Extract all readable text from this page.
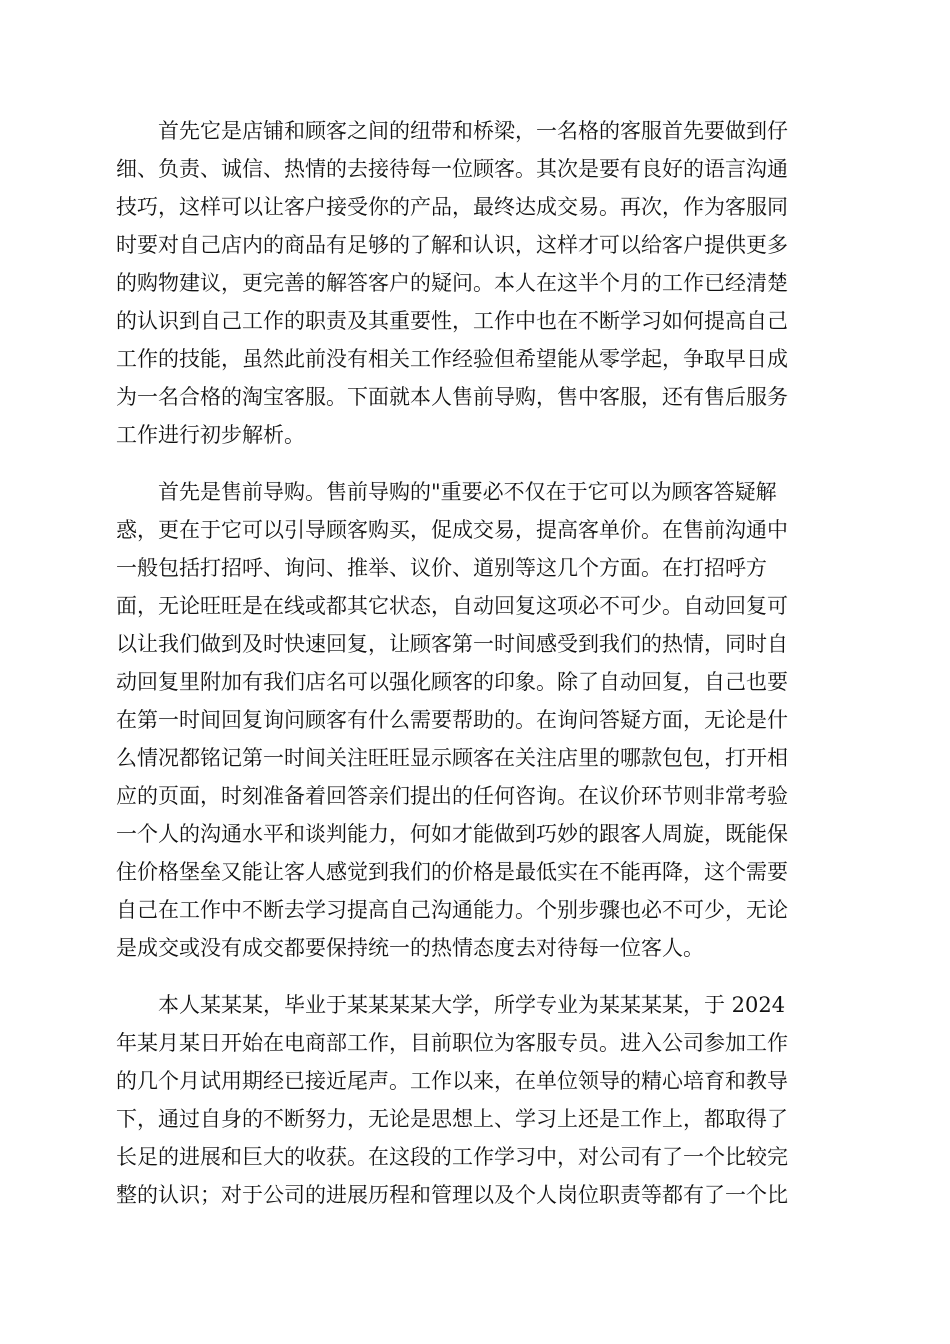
　　首先它是店铺和顾客之间的纽带和桥梁，一名格的客服首先要做到仔
细、负责、诚信、热情的去接待每一位顾客。其次是要有良好的语言沟通
技巧，这样可以让客户接受你的产品，最终达成交易。再次，作为客服同
时要对自己店内的商品有足够的了解和认识，这样才可以给客户提供更多
的购物建议，更完善的解答客户的疑问。本人在这半个月的工作已经清楚
的认识到自己工作的职责及其重要性，工作中也在不断学习如何提高自己
工作的技能，虽然此前没有相关工作经验但希望能从零学起，争取早日成
为一名合格的淘宝客服。下面就本人售前导购，售中客服，还有售后服务
工作进行初步解析。
　　首先是售前导购。售前导购的"重要必不仅在于它可以为顾客答疑解
惑，更在于它可以引导顾客购买，促成交易，提高客单价。在售前沟通中
一般包括打招呼、询问、推举、议价、道别等这几个方面。在打招呼方
面，无论旺旺是在线或都其它状态，自动回复这项必不可少。自动回复可
以让我们做到及时快速回复，让顾客第一时间感受到我们的热情，同时自
动回复里附加有我们店名可以强化顾客的印象。除了自动回复，自己也要
在第一时间回复询问顾客有什么需要帮助的。在询问答疑方面，无论是什
么情况都铭记第一时间关注旺旺显示顾客在关注店里的哪款包包，打开相
应的页面，时刻准备着回答亲们提出的任何咨询。在议价环节则非常考验
一个人的沟通水平和谈判能力，何如才能做到巧妙的跟客人周旋，既能保
住价格堡垒又能让客人感觉到我们的价格是最低实在不能再降，这个需要
自己在工作中不断去学习提高自己沟通能力。个别步骤也必不可少，无论
是成交或没有成交都要保持统一的热情态度去对待每一位客人。
　　本人某某某，毕业于某某某某大学，所学专业为某某某某，于 2024
年某月某日开始在电商部工作，目前职位为客服专员。进入公司参加工作
的几个月试用期经已接近尾声。工作以来，在单位领导的精心培育和教导
下，通过自身的不断努力，无论是思想上、学习上还是工作上，都取得了
长足的进展和巨大的收获。在这段的工作学习中，对公司有了一个比较完
整的认识；对于公司的进展历程和管理以及个人岗位职责等都有了一个比
